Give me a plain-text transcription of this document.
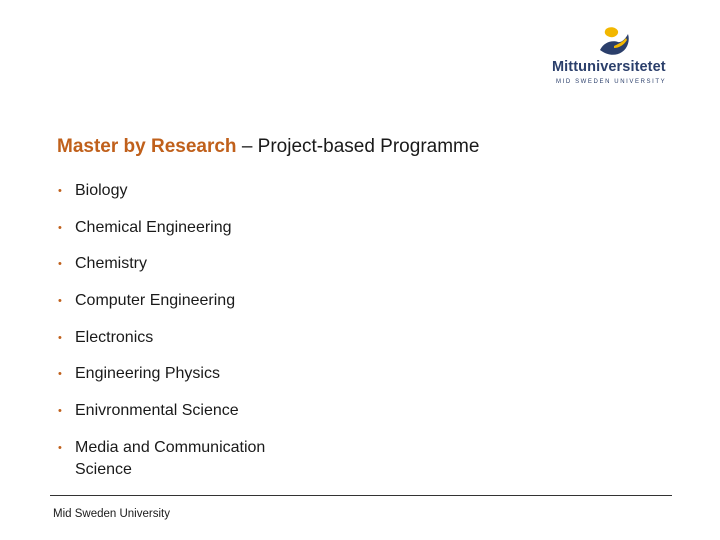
Mittuniversitetet
MID SWEDEN UNIVERSITY
Master by Research – Project-based Programme
• Biology
• Chemical Engineering
• Chemistry
• Computer Engineering
• Electronics
• Engineering Physics
• Enivronmental Science
• Media and Communication Science
Mid Sweden University
